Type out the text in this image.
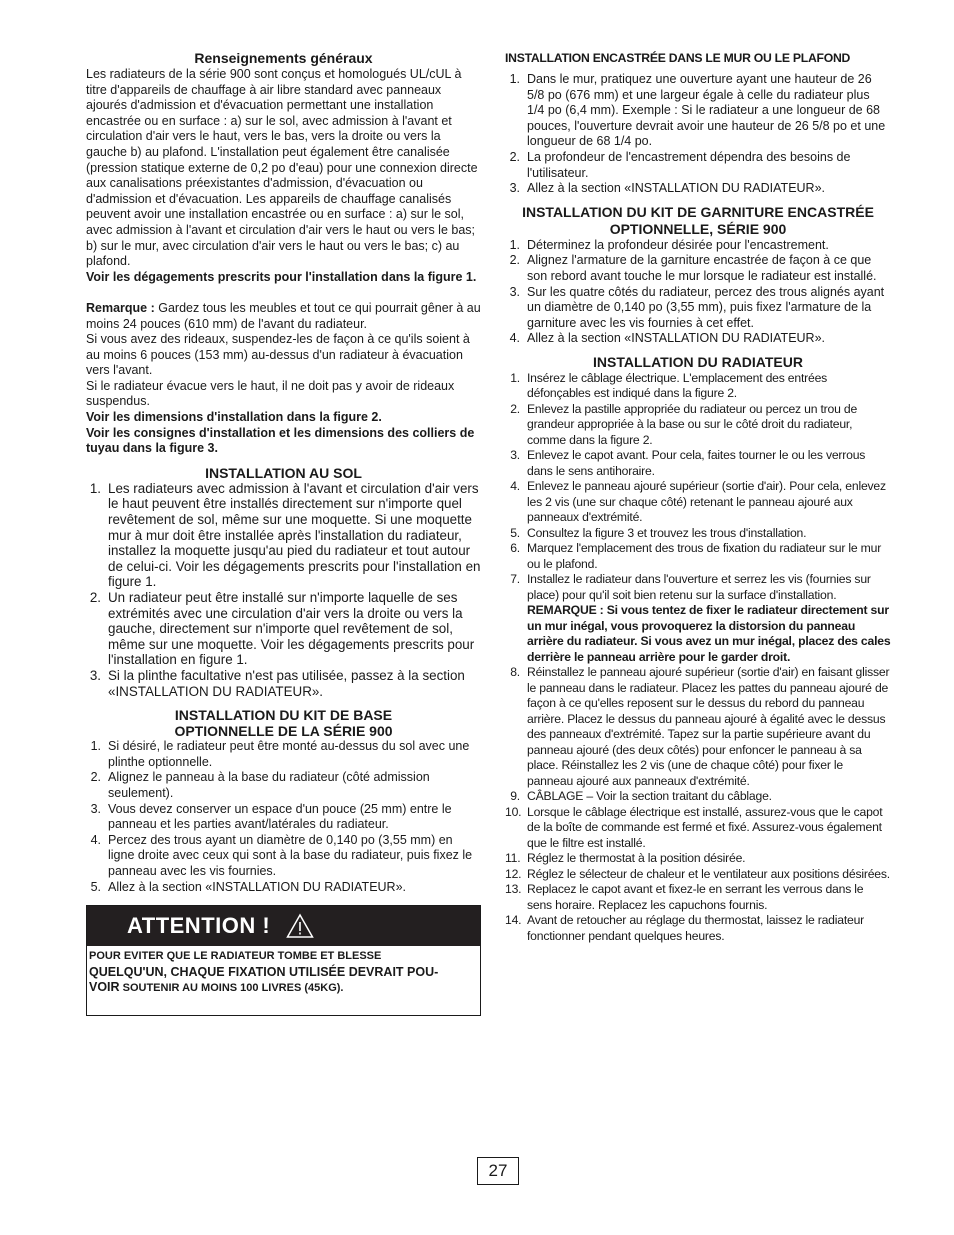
Renseignements généraux

Les radiateurs de la série 900 sont conçus et homologués UL/cUL à titre d'appareils de chauffage à air libre standard avec panneaux ajourés d'admission et d'évacuation permettant une installation encastrée ou en surface : a) sur le sol, avec admission à l'avant et circulation d'air vers le haut, vers le bas, vers la droite ou vers la gauche b) au plafond. L'installation peut également être canalisée (pression statique externe de 0,2 po d'eau) pour une connexion directe aux canalisations préexistantes d'admission, d'évacuation ou d'admission et d'évacuation. Les appareils de chauffage canalisés peuvent avoir une installation encastrée ou en surface : a) sur le sol, avec admission à l'avant et circulation d'air vers le haut ou vers le bas; b) sur le mur, avec circulation d'air vers le haut ou vers le bas; c) au plafond.

Voir les dégagements prescrits pour l'installation dans la figure 1.

Remarque : Gardez tous les meubles et tout ce qui pourrait gêner à au moins 24 pouces (610 mm) de l'avant du radiateur.

Si vous avez des rideaux, suspendez-les de façon à ce qu'ils soient à au moins 6 pouces (153 mm) au-dessus d'un radiateur à évacuation vers l'avant.

Si le radiateur évacue vers le haut, il ne doit pas y avoir de rideaux suspendus.

Voir les dimensions d'installation dans la figure 2.

Voir les consignes d'installation et les dimensions des colliers de tuyau dans la figure 3.

INSTALLATION AU SOL

1. Les radiateurs avec admission à l'avant et circulation d'air vers le haut peuvent être installés directement sur n'importe quel revêtement de sol, même sur une moquette. Si une moquette mur à mur doit être installée après l'installation du radiateur, installez la moquette jusqu'au pied du radiateur et tout autour de celui-ci. Voir les dégagements prescrits pour l'installation en figure 1.
2. Un radiateur peut être installé sur n'importe laquelle de ses extrémités avec une circulation d'air vers la droite ou vers la gauche, directement sur n'importe quel revêtement de sol, même sur une moquette. Voir les dégagements prescrits pour l'installation en figure 1.
3. Si la plinthe facultative n'est pas utilisée, passez à la section «INSTALLATION DU RADIATEUR».

INSTALLATION DU KIT DE BASE
OPTIONNELLE DE LA SÉRIE 900

1. Si désiré, le radiateur peut être monté au-dessus du sol avec une plinthe optionnelle.
2. Alignez le panneau à la base du radiateur (côté admission seulement).
3. Vous devez conserver un espace d'un pouce (25 mm) entre le panneau et les parties avant/latérales du radiateur.
4. Percez des trous ayant un diamètre de 0,140 po (3,55 mm) en ligne droite avec ceux qui sont à la base du radiateur, puis fixez le panneau avec les vis fournies.
5. Allez à la section «INSTALLATION DU RADIATEUR».
ATTENTION !
POUR EVITER QUE LE RADIATEUR TOMBE ET BLESSE
QUELQU'UN, CHAQUE FIXATION UTILISÉE DEVRAIT POU-
VOIR SOUTENIR AU MOINS 100 LIVRES (45KG).

INSTALLATION ENCASTRÉE DANS LE MUR OU LE PLAFOND

1. Dans le mur, pratiquez une ouverture ayant une hauteur de 26 5/8 po (676 mm) et une largeur égale à celle du radiateur plus
1/4 po (6,4 mm). Exemple : Si le radiateur a une longueur de 68 pouces, l'ouverture devrait avoir une hauteur de 26 5/8 po et une longueur de 68 1/4 po.
2. La profondeur de l'encastrement dépendra des besoins de l'utilisateur.
3. Allez à la section «INSTALLATION DU RADIATEUR».

INSTALLATION DU KIT DE GARNITURE ENCASTRÉE
OPTIONNELLE, SÉRIE 900

1. Déterminez la profondeur désirée pour l'encastrement.
2. Alignez l'armature de la garniture encastrée de façon à ce que son rebord avant touche le mur lorsque le radiateur est installé.
3. Sur les quatre côtés du radiateur, percez des trous alignés ayant un diamètre de 0,140 po (3,55 mm), puis fixez l'armature de la garniture avec les vis fournies à cet effet.
4. Allez à la section «INSTALLATION DU RADIATEUR».

INSTALLATION DU RADIATEUR

1. Insérez le câblage électrique. L'emplacement des entrées défonçables est indiqué dans la figure 2.
2. Enlevez la pastille appropriée du radiateur ou percez un trou de grandeur appropriée à la base ou sur le côté droit du radiateur, comme dans la figure 2.
3. Enlevez le capot avant. Pour cela, faites tourner le ou les verrous dans le sens antihoraire.
4. Enlevez le panneau ajouré supérieur (sortie d'air). Pour cela, enlevez les 2 vis (une sur chaque côté) retenant le panneau ajouré aux panneaux d'extrémité.
5. Consultez la figure 3 et trouvez les trous d'installation.
6. Marquez l'emplacement des trous de fixation du radiateur sur le mur ou le plafond.
7. Installez le radiateur dans l'ouverture et serrez les vis (fournies sur place) pour qu'il soit bien retenu sur la surface d'installation.
REMARQUE : Si vous tentez de fixer le radiateur directement sur un mur inégal, vous provoquerez la distorsion du panneau arrière du radiateur. Si vous avez un mur inégal, placez des cales derrière le panneau arrière pour le garder droit.
8. Réinstallez le panneau ajouré supérieur (sortie d'air) en faisant glisser le panneau dans le radiateur. Placez les pattes du panneau ajouré de façon à ce qu'elles reposent sur le dessus du rebord du panneau arrière. Placez le dessus du panneau ajouré à égalité avec le dessus des panneaux d'extrémité. Tapez sur la partie supérieure avant du panneau ajouré (des deux côtés) pour enfoncer le panneau à sa place. Réinstallez les 2 vis (une de chaque côté) pour fixer le panneau ajouré aux panneaux d'extrémité.
9. CÂBLAGE – Voir la section traitant du câblage.
10. Lorsque le câblage électrique est installé, assurez-vous que le capot de la boîte de commande est fermé et fixé. Assurez-vous également que le filtre est installé.
11. Réglez le thermostat à la position désirée.
12. Réglez le sélecteur de chaleur et le ventilateur aux positions désirées.
13. Replacez le capot avant et fixez-le en serrant les verrous dans le sens horaire. Replacez les capuchons fournis.
14. Avant de retoucher au réglage du thermostat, laissez le radiateur fonctionner pendant quelques heures.
27
